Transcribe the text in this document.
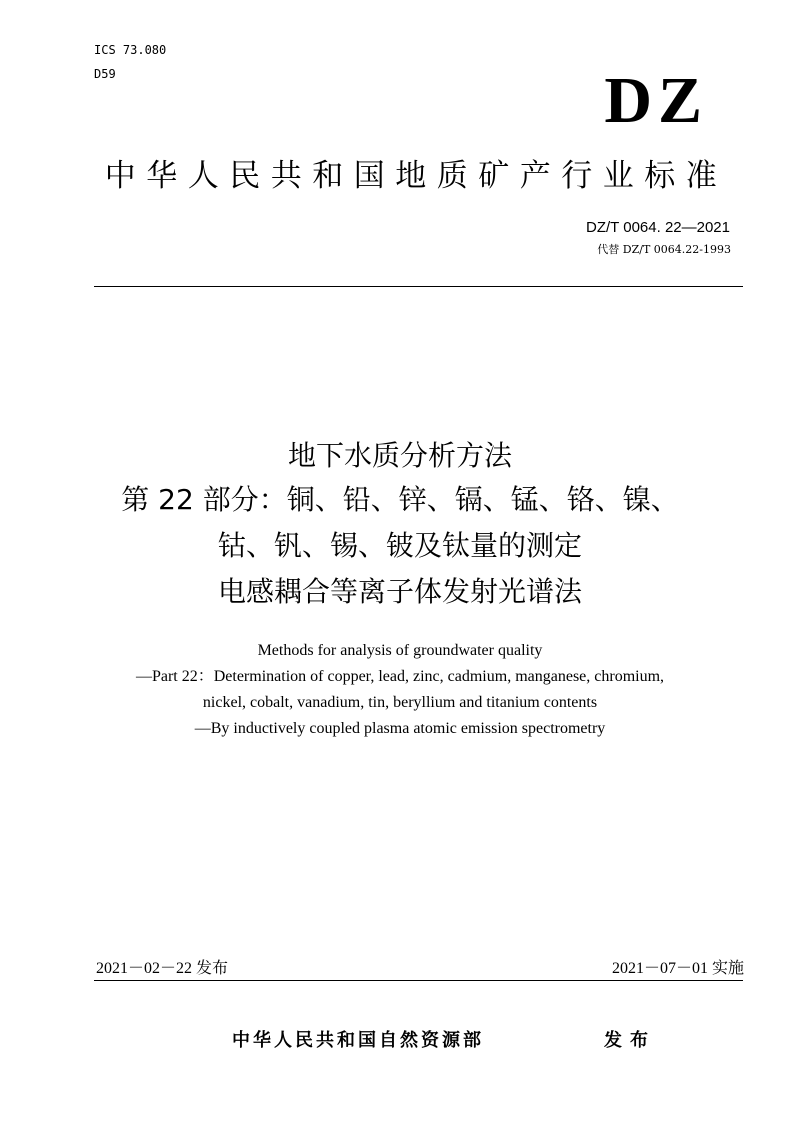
ICS 73.080
D59	DZ
中华人民共和国地质矿产行业标准
DZ/T 0064. 22—2021
代替 DZ/T 0064.22-1993
地下水质分析方法
第 22 部分：铜、铅、锌、镉、锰、铬、镍、
钴、钒、锡、铍及钛量的测定
电感耦合等离子体发射光谱法
Methods for analysis of groundwater quality
—Part 22：Determination of copper, lead, zinc, cadmium, manganese, chromium,
nickel, cobalt, vanadium, tin, beryllium and titanium contents
—By inductively coupled plasma atomic emission spectrometry
2021－02－22 发布	2021－07－01 实施
中华人民共和国自然资源部	发布
